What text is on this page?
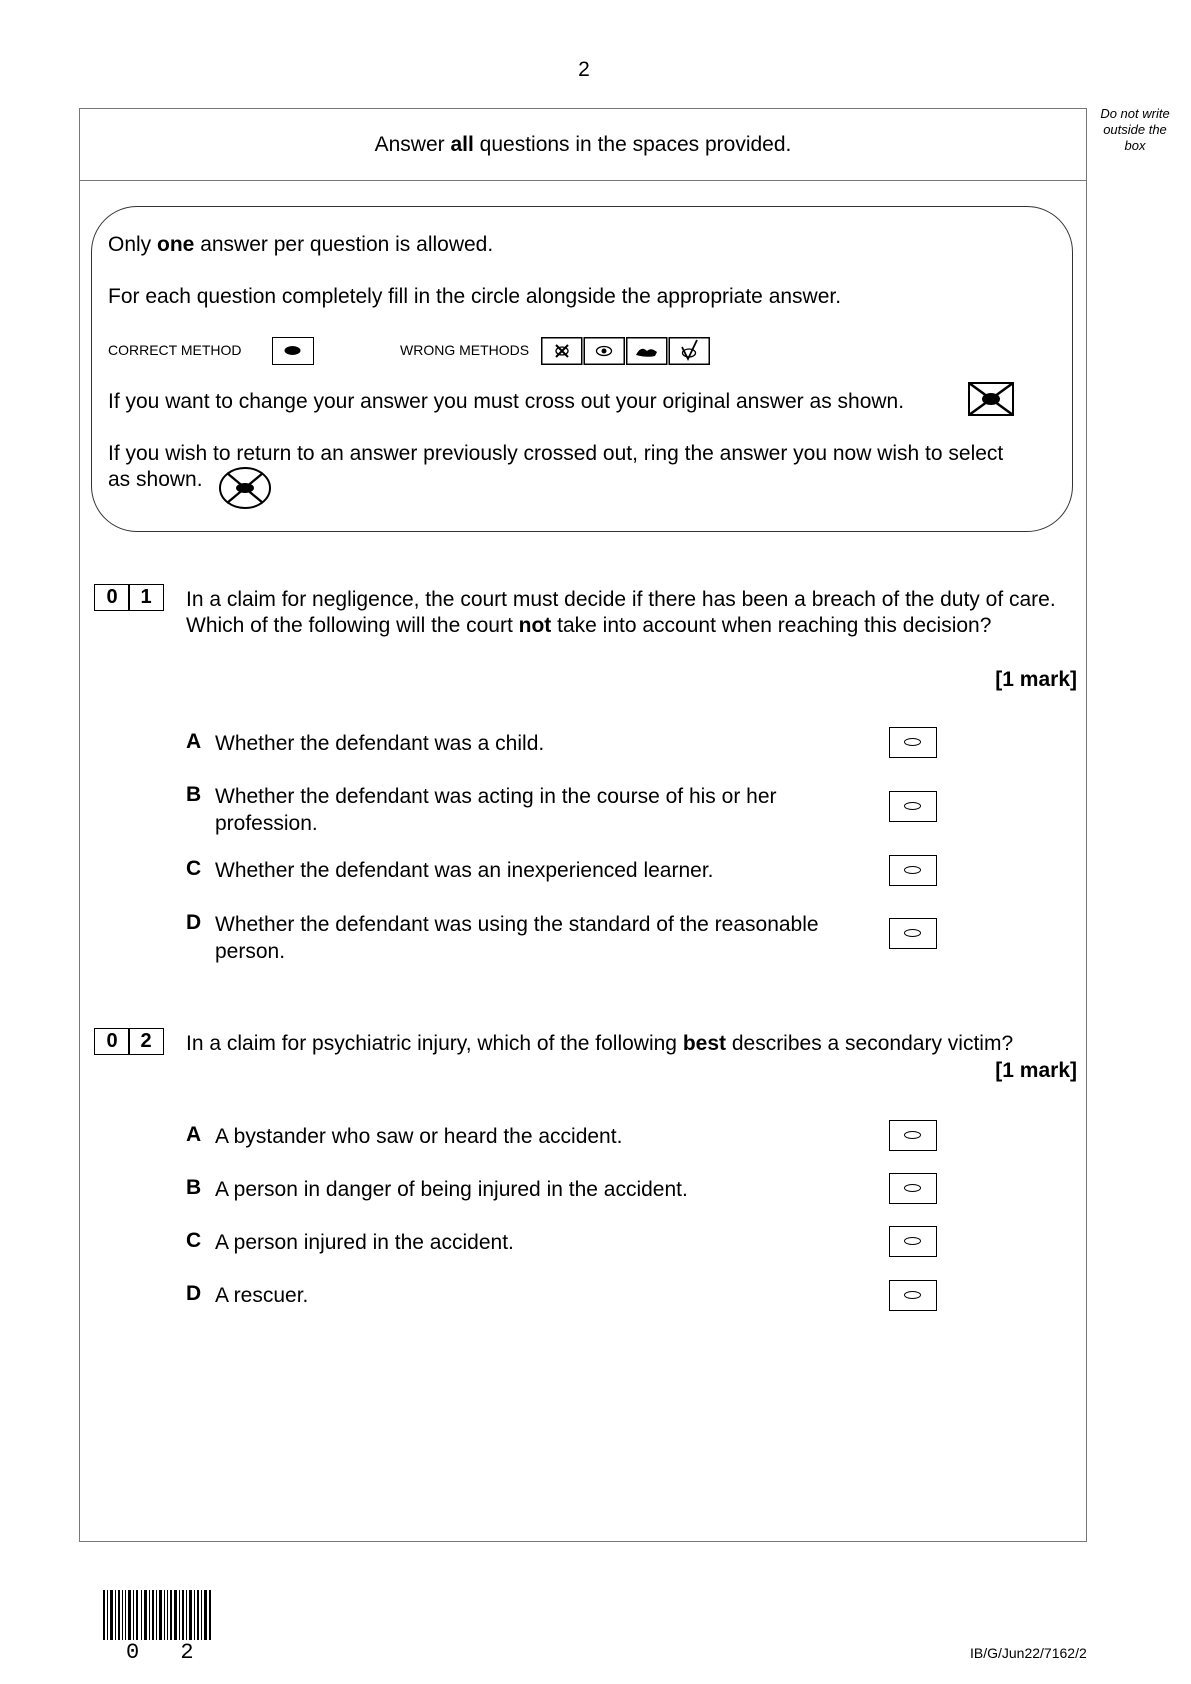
2
Do not write
outside the
box
Answer all questions in the spaces provided.
Only one answer per question is allowed.
For each question completely fill in the circle alongside the appropriate answer.
CORRECT METHOD	WRONG METHODS
If you want to change your answer you must cross out your original answer as shown.
If you wish to return to an answer previously crossed out, ring the answer you now wish to select
as shown.
0	1	In a claim for negligence, the court must decide if there has been a breach of the duty of care. Which of the following will the court not take into account when reaching this decision?
[1 mark]
A Whether the defendant was a child.
B Whether the defendant was acting in the course of his or her profession.
C Whether the defendant was an inexperienced learner.
D Whether the defendant was using the standard of the reasonable person.
0	2	In a claim for psychiatric injury, which of the following best describes a secondary victim?
[1 mark]
A A bystander who saw or heard the accident.
B A person in danger of being injured in the accident.
C A person injured in the accident.
D A rescuer.
0 2	IB/G/Jun22/7162/2
